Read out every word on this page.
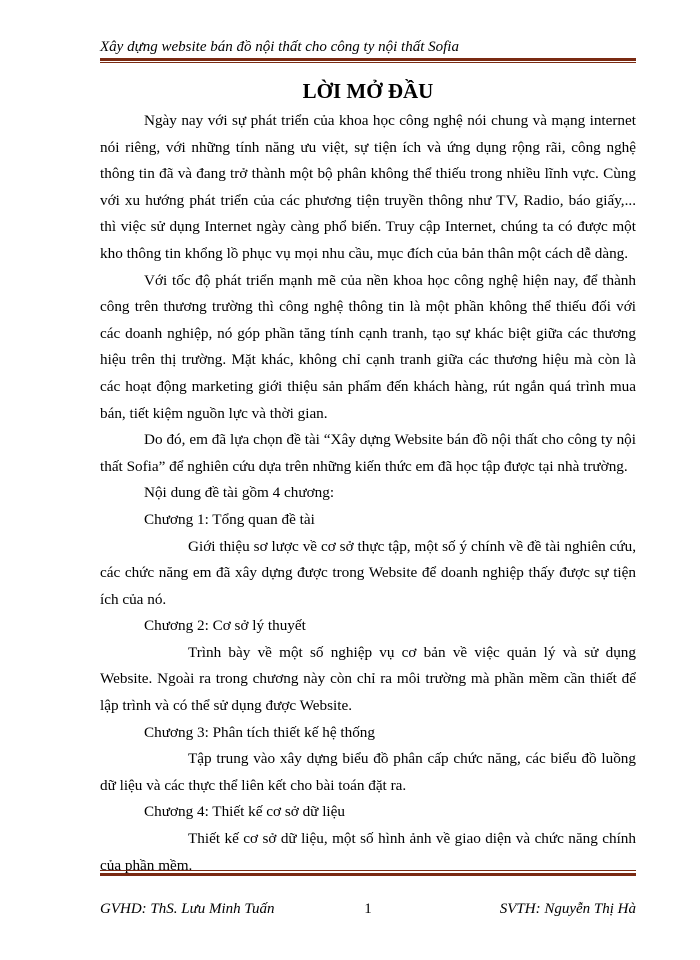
Xây dựng website bán đồ nội thất cho công ty nội thất Sofia
LỜI MỞ ĐẦU

Ngày nay với sự phát triển của khoa học công nghệ nói chung và mạng internet nói riêng, với những tính năng ưu việt, sự tiện ích và ứng dụng rộng rãi, công nghệ thông tin đã và đang trở thành một bộ phân không thể thiếu trong nhiều lĩnh vực. Cùng với xu hướng phát triển của các phương tiện truyền thông như TV, Radio, báo giấy,... thì việc sử dụng Internet ngày càng phổ biến. Truy cập Internet, chúng ta có được một kho thông tin khổng lồ phục vụ mọi nhu cầu, mục đích của bản thân một cách dễ dàng.

Với tốc độ phát triển mạnh mẽ của nền khoa học công nghệ hiện nay, để thành công trên thương trường thì công nghệ thông tin là một phần không thể thiếu đối với các doanh nghiệp, nó góp phần tăng tính cạnh tranh, tạo sự khác biệt giữa các thương hiệu trên thị trường. Mặt khác, không chỉ cạnh tranh giữa các thương hiệu mà còn là các hoạt động marketing giới thiệu sản phẩm đến khách hàng, rút ngắn quá trình mua bán, tiết kiệm nguồn lực và thời gian.

Do đó, em đã lựa chọn đề tài “Xây dựng Website bán đồ nội thất cho công ty nội thất Sofia” để nghiên cứu dựa trên những kiến thức em đã học tập được tại nhà trường.

Nội dung đề tài gồm 4 chương:

Chương 1: Tổng quan đề tài

Giới thiệu sơ lược về cơ sở thực tập, một số ý chính về đề tài nghiên cứu, các chức năng em đã xây dựng được trong Website để doanh nghiệp thấy được sự tiện ích của nó.

Chương 2: Cơ sở lý thuyết

Trình bày về một số nghiệp vụ cơ bản về việc quản lý và sử dụng Website. Ngoài ra trong chương này còn chỉ ra môi trường mà phần mềm cần thiết để lập trình và có thể sử dụng được Website.

Chương 3: Phân tích thiết kế hệ thống

Tập trung vào xây dựng biểu đồ phân cấp chức năng, các biểu đồ luồng dữ liệu và các thực thể liên kết cho bài toán đặt ra.

Chương 4: Thiết kế cơ sở dữ liệu

Thiết kế cơ sở dữ liệu, một số hình ảnh về giao diện và chức năng chính của phần mềm.

GVHD: ThS. Lưu Minh Tuấn	1	SVTH: Nguyễn Thị Hà
